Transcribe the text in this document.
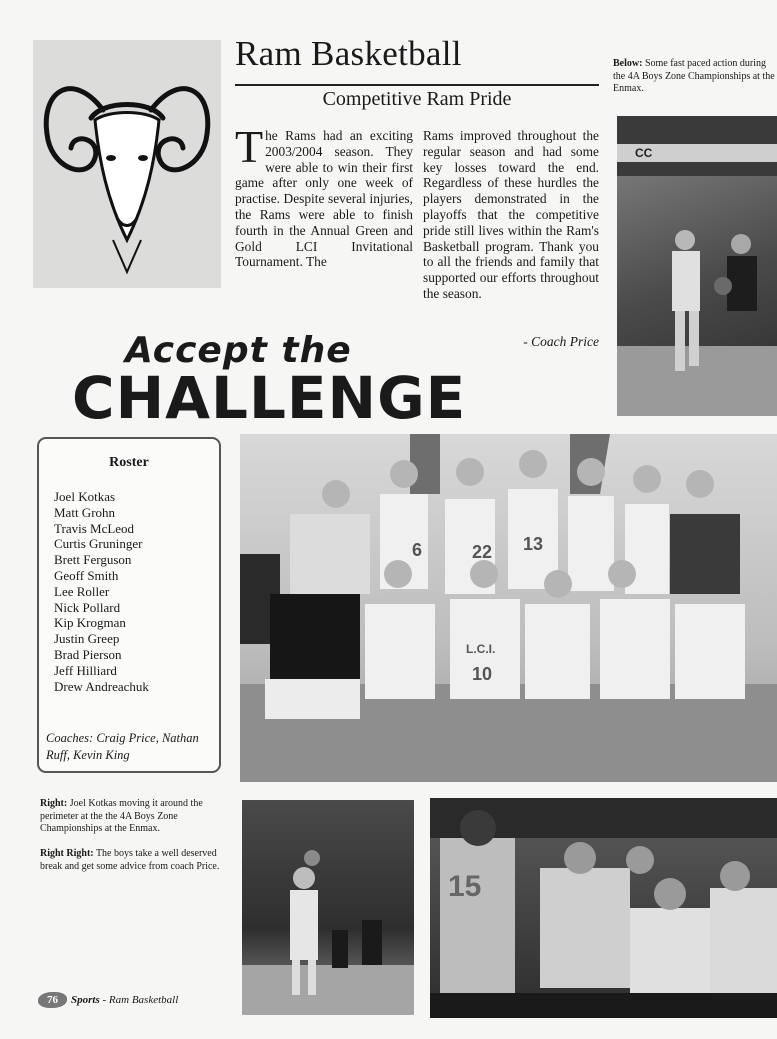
Ram Basketball
Competitive Ram Pride
The Rams had an exciting 2003/2004 season. They were able to win their first game after only one week of practise. Despite several injuries, the Rams were able to finish fourth in the Annual Green and Gold LCI Invitational Tournament. The
Rams improved throughout the regular season and had some key losses toward the end. Regardless of these hurdles the players demonstrated in the playoffs that the competitive pride still lives within the Ram's Basketball program. Thank you to all the friends and family that supported our efforts throughout the season.
- Coach Price
CC
Below: Some fast paced action during the 4A Boys Zone Championships at the Enmax.
Accept the
CHALLENGE
Roster
Joel Kotkas
Matt Grohn
Travis McLeod
Curtis Gruninger
Brett Ferguson
Geoff Smith
Lee Roller
Nick Pollard
Kip Krogman
Justin Greep
Brad Pierson
Jeff Hilliard
Drew Andreachuk
Coaches: Craig Price, Nathan Ruff, Kevin King
6	22 13
10
L.C.I.
Right: Joel Kotkas moving it around the perimeter at the the 4A Boys Zone Championships at the Enmax.
Right Right: The boys take a well deserved break and get some advice from coach Price.
15
76 Sports - Ram Basketball
